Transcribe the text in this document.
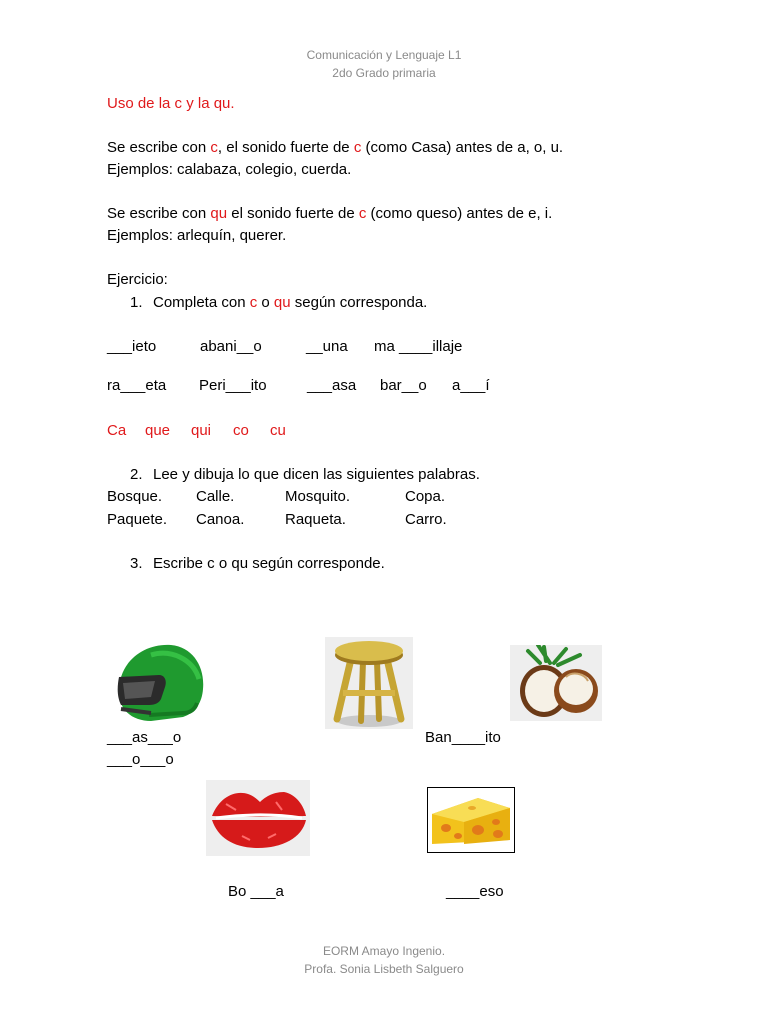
Comunicación y Lenguaje L1
2do Grado primaria
Uso de la c y la qu.
Se escribe con c, el sonido fuerte de c (como Casa) antes de a, o, u.
Ejemplos: calabaza, colegio, cuerda.
Se escribe con qu el sonido fuerte de c (como queso) antes de e, i.
Ejemplos: arlequín, querer.
Ejercicio:
1. Completa con c o qu según corresponda.
___ieto	abani__o	__una ma ____illaje
ra___eta Peri___ito	___asa bar__o a___í
Ca que qui co cu
2. Lee y dibuja lo que dicen las siguientes palabras.
Bosque. Calle.	Mosquito.	Copa.
Paquete. Canoa.	Raqueta.	Carro.
3. Escribe c o qu según corresponde.
___as___o
___o___o
Ban____ito
Bo ___a	____eso
EORM Amayo Ingenio.
Profa. Sonia Lisbeth Salguero
